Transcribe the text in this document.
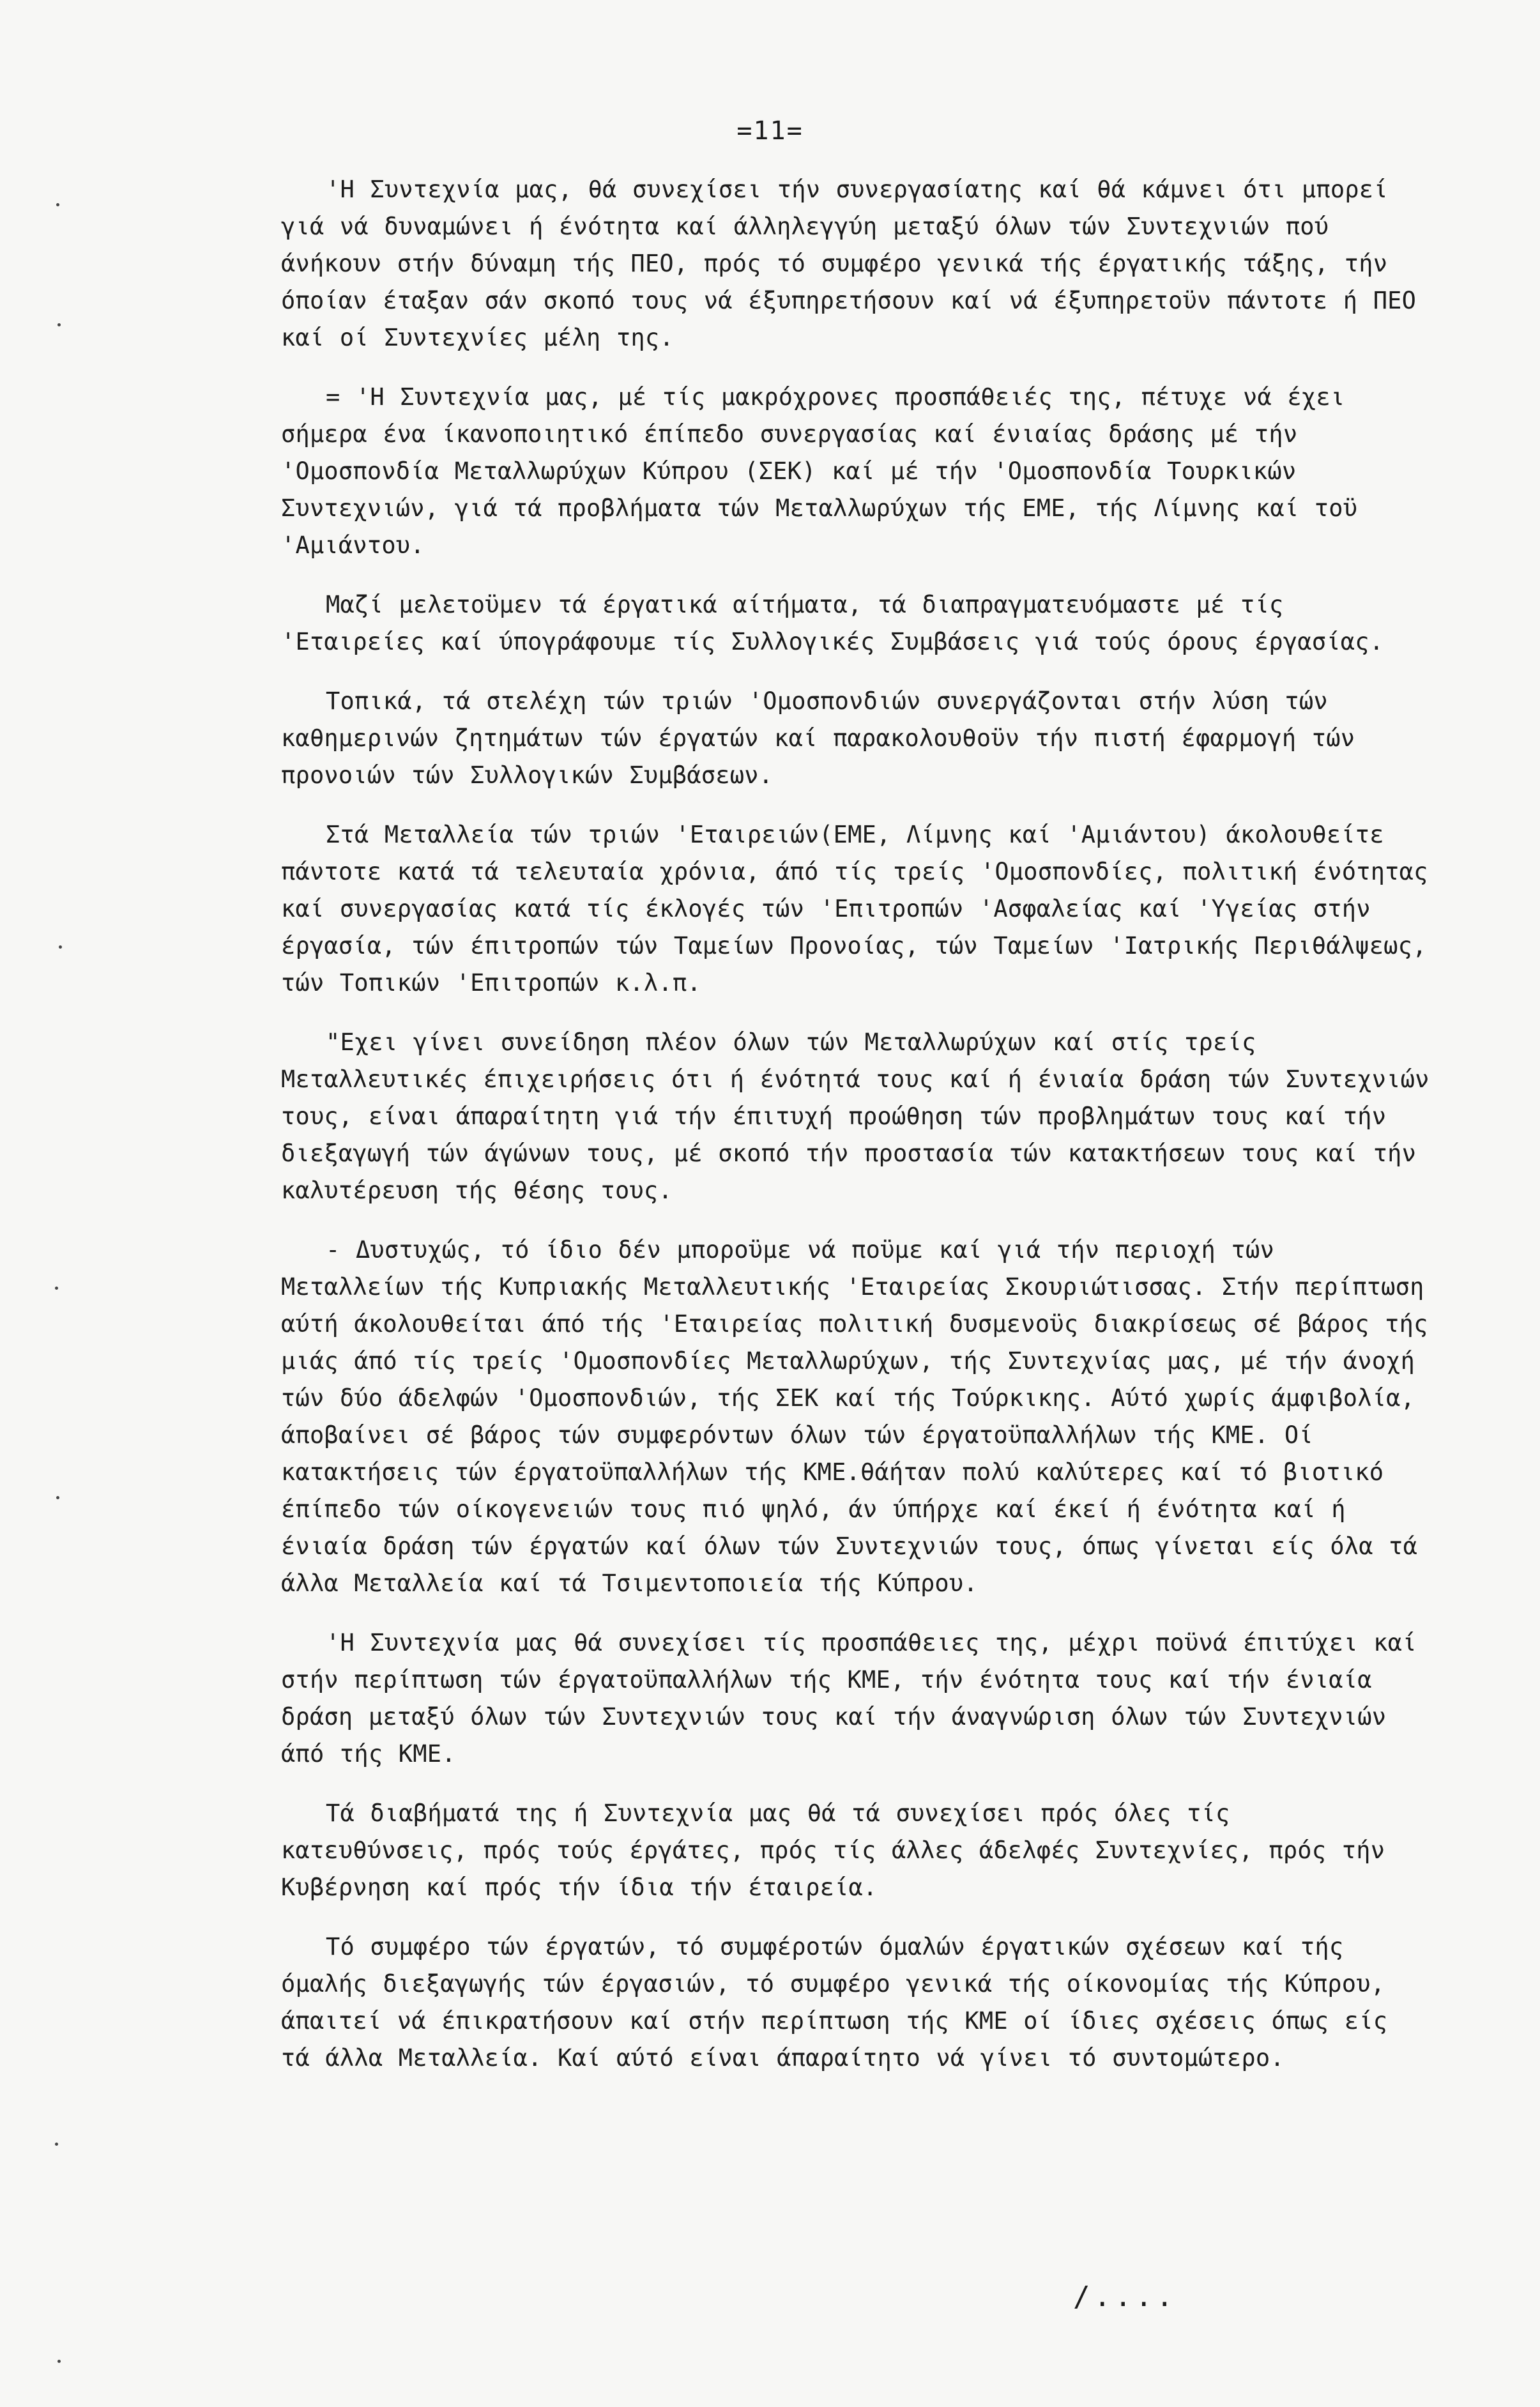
=11=

'Η Συντεχνία μας, θά συνεχίσει τήν συνεργασίατης καί θά κάμνει ότι μπορεί γιά νά δυναμώνει ή ένότητα καί άλληλεγγύη μεταξύ όλων τών Συντεχνιών πού άνήκουν στήν δύναμη τής ΠΕΟ, πρός τό συμφέρο γενικά τής έργατικής τάξης, τήν όποίαν έταξαν σάν σκοπό τους νά έξυπηρετήσουν καί νά έξυπηρετοϋν πάντοτε ή ΠΕΟ καί οί Συντεχνίες μέλη της.

= 'Η Συντεχνία μας, μέ τίς μακρόχρονες προσπάθειές της, πέτυχε νά έχει σήμερα ένα ίκανοποιητικό έπίπεδο συνεργασίας καί ένιαίας δράσης μέ τήν 'Ομοσπονδία Μεταλλωρύχων Κύπρου (ΣΕΚ) καί μέ τήν 'Ομοσπονδία Τουρκικών Συντεχνιών, γιά τά προβλήματα τών Μεταλλωρύχων τής ΕΜΕ, τής Λίμνης καί τοϋ 'Αμιάντου.

Μαζί μελετοϋμεν τά έργατικά αίτήματα, τά διαπραγματευόμαστε μέ τίς 'Εταιρείες καί ύπογράφουμε τίς Συλλογικές Συμβάσεις γιά τούς όρους έργασίας.

Τοπικά, τά στελέχη τών τριών 'Ομοσπονδιών συνεργάζονται στήν λύση τών καθημερινών ζητημάτων τών έργατών καί παρακολουθοϋν τήν πιστή έφαρμογή τών προνοιών τών Συλλογικών Συμβάσεων.

Στά Μεταλλεία τών τριών 'Εταιρειών(ΕΜΕ, Λίμνης καί 'Αμιάντου) άκολουθείτε πάντοτε κατά τά τελευταία χρόνια, άπό τίς τρείς 'Ομοσπονδίες, πολιτική ένότητας καί συνεργασίας κατά τίς έκλογές τών 'Επιτροπών 'Ασφαλείας καί 'Υγείας στήν έργασία, τών έπιτροπών τών Ταμείων Προνοίας, τών Ταμείων 'Ιατρικής Περιθάλψεως, τών Τοπικών 'Επιτροπών κ.λ.π.

"Εχει γίνει συνείδηση πλέον όλων τών Μεταλλωρύχων καί στίς τρείς Μεταλλευτικές έπιχειρήσεις ότι ή ένότητά τους καί ή ένιαία δράση τών Συντεχνιών τους, είναι άπαραίτητη γιά τήν έπιτυχή προώθηση τών προβλημάτων τους καί τήν διεξαγωγή τών άγώνων τους, μέ σκοπό τήν προστασία τών κατακτήσεων τους καί τήν καλυτέρευση τής θέσης τους.

- Δυστυχώς, τό ίδιο δέν μποροϋμε νά ποϋμε καί γιά τήν περιοχή τών Μεταλλείων τής Κυπριακής Μεταλλευτικής 'Εταιρείας Σκουριώτισσας. Στήν περίπτωση αύτή άκολουθείται άπό τής 'Εταιρείας πολιτική δυσμενοϋς διακρίσεως σέ βάρος τής μιάς άπό τίς τρείς 'Ομοσπονδίες Μεταλλωρύχων, τής Συντεχνίας μας, μέ τήν άνοχή τών δύο άδελφών 'Ομοσπονδιών, τής ΣΕΚ καί τής Τούρκικης. Αύτό χωρίς άμφιβολία, άποβαίνει σέ βάρος τών συμφερόντων όλων τών έργατοϋπαλλήλων τής ΚΜΕ. Οί κατακτήσεις τών έργατοϋπαλλήλων τής ΚΜΕ.θάήταν πολύ καλύτερες καί τό βιοτικό έπίπεδο τών οίκογενειών τους πιό ψηλό, άν ύπήρχε καί έκεί ή ένότητα καί ή ένιαία δράση τών έργατών καί όλων τών Συντεχνιών τους, όπως γίνεται είς όλα τά άλλα Μεταλλεία καί τά Τσιμεντοποιεία τής Κύπρου.

'Η Συντεχνία μας θά συνεχίσει τίς προσπάθειες της, μέχρι ποϋνά έπιτύχει καί στήν περίπτωση τών έργατοϋπαλλήλων τής ΚΜΕ, τήν ένότητα τους καί τήν ένιαία δράση μεταξύ όλων τών Συντεχνιών τους καί τήν άναγνώριση όλων τών Συντεχνιών άπό τής ΚΜΕ.

Τά διαβήματά της ή Συντεχνία μας θά τά συνεχίσει πρός όλες τίς κατευθύνσεις, πρός τούς έργάτες, πρός τίς άλλες άδελφές Συντεχνίες, πρός τήν Κυβέρνηση καί πρός τήν ίδια τήν έταιρεία.

Τό συμφέρο τών έργατών, τό συμφέροτών όμαλών έργατικών σχέσεων καί τής όμαλής διεξαγωγής τών έργασιών, τό συμφέρο γενικά τής οίκονομίας τής Κύπρου, άπαιτεί νά έπικρατήσουν καί στήν περίπτωση τής ΚΜΕ οί ίδιες σχέσεις όπως είς τά άλλα Μεταλλεία. Καί αύτό είναι άπαραίτητο νά γίνει τό συντομώτερο.

/....
